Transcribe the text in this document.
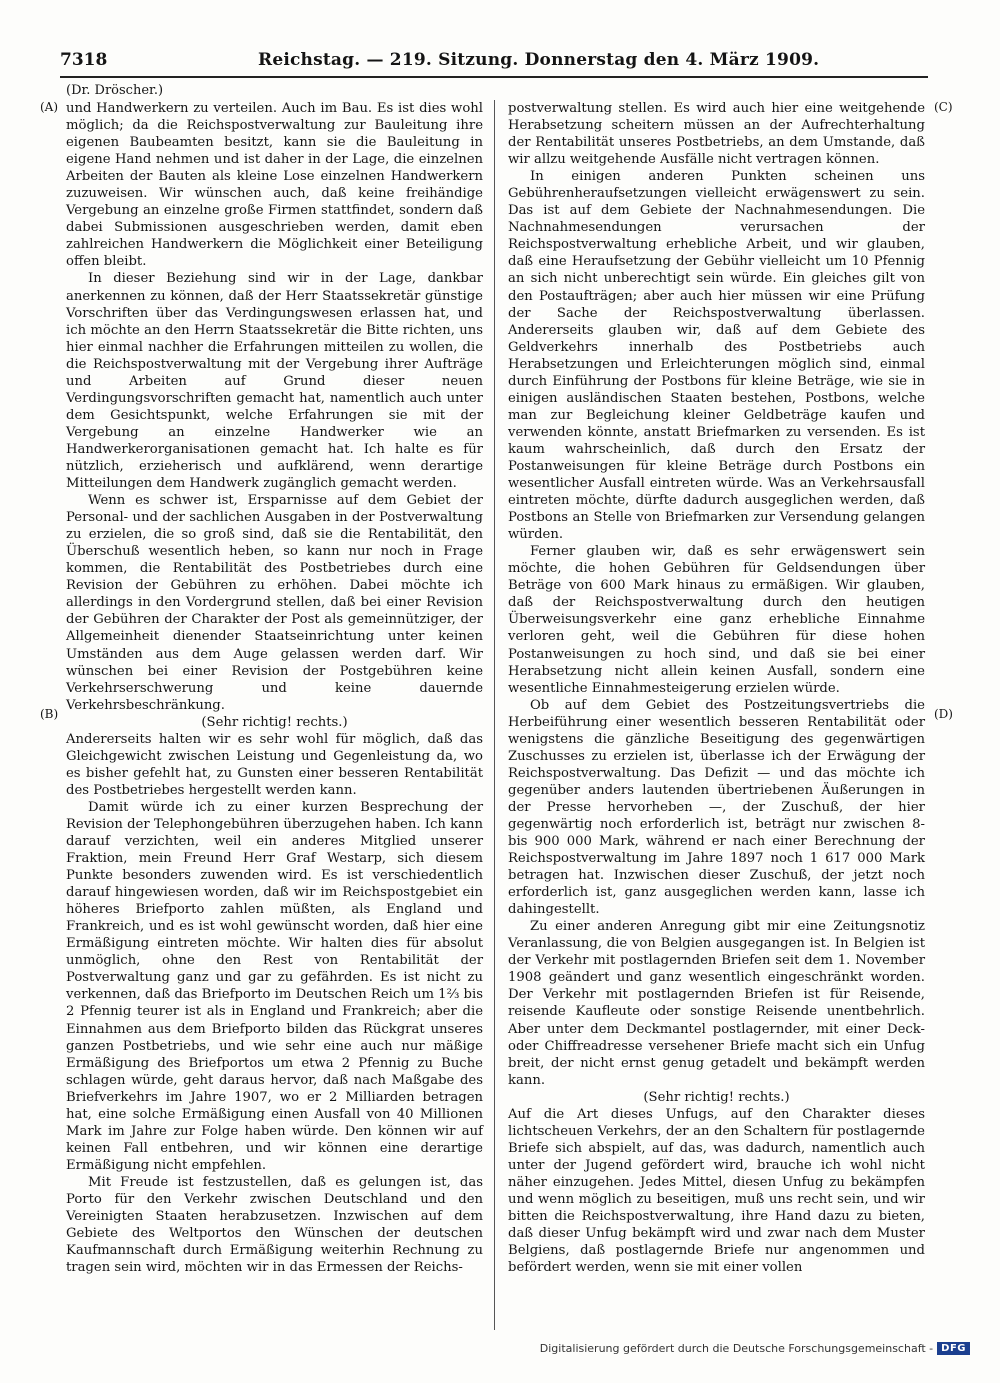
7318	Reichstag. — 219. Sitzung. Donnerstag den 4. März 1909.
(Dr. Dröscher.)
(A)
(B)
(C)
(D)

und Handwerkern zu verteilen. Auch im Bau. Es ist dies wohl möglich; da die Reichspostverwaltung zur Bauleitung ihre eigenen Baubeamten besitzt, kann sie die Bauleitung in eigene Hand nehmen und ist daher in der Lage, die einzelnen Arbeiten der Bauten als kleine Lose einzelnen Handwerkern zuzuweisen. Wir wünschen auch, daß keine freihändige Vergebung an einzelne große Firmen stattfindet, sondern daß dabei Submissionen ausgeschrieben werden, damit eben zahlreichen Handwerkern die Möglichkeit einer Beteiligung offen bleibt.

In dieser Beziehung sind wir in der Lage, dankbar anerkennen zu können, daß der Herr Staatssekretär günstige Vorschriften über das Verdingungswesen erlassen hat, und ich möchte an den Herrn Staatssekretär die Bitte richten, uns hier einmal nachher die Erfahrungen mitteilen zu wollen, die die Reichspostverwaltung mit der Vergebung ihrer Aufträge und Arbeiten auf Grund dieser neuen Verdingungsvorschriften gemacht hat, namentlich auch unter dem Gesichtspunkt, welche Erfahrungen sie mit der Vergebung an einzelne Handwerker wie an Handwerkerorganisationen gemacht hat. Ich halte es für nützlich, erzieherisch und aufklärend, wenn derartige Mitteilungen dem Handwerk zugänglich gemacht werden.

Wenn es schwer ist, Ersparnisse auf dem Gebiet der Personal- und der sachlichen Ausgaben in der Postverwaltung zu erzielen, die so groß sind, daß sie die Rentabilität, den Überschuß wesentlich heben, so kann nur noch in Frage kommen, die Rentabilität des Postbetriebes durch eine Revision der Gebühren zu erhöhen. Dabei möchte ich allerdings in den Vordergrund stellen, daß bei einer Revision der Gebühren der Charakter der Post als gemeinnütziger, der Allgemeinheit dienender Staatseinrichtung unter keinen Umständen aus dem Auge gelassen werden darf. Wir wünschen bei einer Revision der Postgebühren keine Verkehrserschwerung und keine dauernde Verkehrsbeschränkung.

(Sehr richtig! rechts.)

Andererseits halten wir es sehr wohl für möglich, daß das Gleichgewicht zwischen Leistung und Gegenleistung da, wo es bisher gefehlt hat, zu Gunsten einer besseren Rentabilität des Postbetriebes hergestellt werden kann.

Damit würde ich zu einer kurzen Besprechung der Revision der Telephongebühren überzugehen haben. Ich kann darauf verzichten, weil ein anderes Mitglied unserer Fraktion, mein Freund Herr Graf Westarp, sich diesem Punkte besonders zuwenden wird. Es ist verschiedentlich darauf hingewiesen worden, daß wir im Reichspostgebiet ein höheres Briefporto zahlen müßten, als England und Frankreich, und es ist wohl gewünscht worden, daß hier eine Ermäßigung eintreten möchte. Wir halten dies für absolut unmöglich, ohne den Rest von Rentabilität der Postverwaltung ganz und gar zu gefährden. Es ist nicht zu verkennen, daß das Briefporto im Deutschen Reich um 1⅔ bis 2 Pfennig teurer ist als in England und Frankreich; aber die Einnahmen aus dem Briefporto bilden das Rückgrat unseres ganzen Postbetriebs, und wie sehr eine auch nur mäßige Ermäßigung des Briefportos um etwa 2 Pfennig zu Buche schlagen würde, geht daraus hervor, daß nach Maßgabe des Briefverkehrs im Jahre 1907, wo er 2 Milliarden betragen hat, eine solche Ermäßigung einen Ausfall von 40 Millionen Mark im Jahre zur Folge haben würde. Den können wir auf keinen Fall entbehren, und wir können eine derartige Ermäßigung nicht empfehlen.

Mit Freude ist festzustellen, daß es gelungen ist, das Porto für den Verkehr zwischen Deutschland und den Vereinigten Staaten herabzusetzen. Inzwischen auf dem Gebiete des Weltportos den Wünschen der deutschen Kaufmannschaft durch Ermäßigung weiterhin Rechnung zu tragen sein wird, möchten wir in das Ermessen der Reichs-

postverwaltung stellen. Es wird auch hier eine weitgehende Herabsetzung scheitern müssen an der Aufrechterhaltung der Rentabilität unseres Postbetriebs, an dem Umstande, daß wir allzu weitgehende Ausfälle nicht vertragen können.

In einigen anderen Punkten scheinen uns Gebührenheraufsetzungen vielleicht erwägenswert zu sein. Das ist auf dem Gebiete der Nachnahmesendungen. Die Nachnahmesendungen verursachen der Reichspostverwaltung erhebliche Arbeit, und wir glauben, daß eine Heraufsetzung der Gebühr vielleicht um 10 Pfennig an sich nicht unberechtigt sein würde. Ein gleiches gilt von den Postaufträgen; aber auch hier müssen wir eine Prüfung der Sache der Reichspostverwaltung überlassen. Andererseits glauben wir, daß auf dem Gebiete des Geldverkehrs innerhalb des Postbetriebs auch Herabsetzungen und Erleichterungen möglich sind, einmal durch Einführung der Postbons für kleine Beträge, wie sie in einigen ausländischen Staaten bestehen, Postbons, welche man zur Begleichung kleiner Geldbeträge kaufen und verwenden könnte, anstatt Briefmarken zu versenden. Es ist kaum wahrscheinlich, daß durch den Ersatz der Postanweisungen für kleine Beträge durch Postbons ein wesentlicher Ausfall eintreten würde. Was an Verkehrsausfall eintreten möchte, dürfte dadurch ausgeglichen werden, daß Postbons an Stelle von Briefmarken zur Versendung gelangen würden.

Ferner glauben wir, daß es sehr erwägenswert sein möchte, die hohen Gebühren für Geldsendungen über Beträge von 600 Mark hinaus zu ermäßigen. Wir glauben, daß der Reichspostverwaltung durch den heutigen Überweisungsverkehr eine ganz erhebliche Einnahme verloren geht, weil die Gebühren für diese hohen Postanweisungen zu hoch sind, und daß sie bei einer Herabsetzung nicht allein keinen Ausfall, sondern eine wesentliche Einnahmesteigerung erzielen würde.

Ob auf dem Gebiet des Postzeitungsvertriebs die Herbeiführung einer wesentlich besseren Rentabilität oder wenigstens die gänzliche Beseitigung des gegenwärtigen Zuschusses zu erzielen ist, überlasse ich der Erwägung der Reichspostverwaltung. Das Defizit — und das möchte ich gegenüber anders lautenden übertriebenen Äußerungen in der Presse hervorheben —, der Zuschuß, der hier gegenwärtig noch erforderlich ist, beträgt nur zwischen 8- bis 900 000 Mark, während er nach einer Berechnung der Reichspostverwaltung im Jahre 1897 noch 1 617 000 Mark betragen hat. Inzwischen dieser Zuschuß, der jetzt noch erforderlich ist, ganz ausgeglichen werden kann, lasse ich dahingestellt.

Zu einer anderen Anregung gibt mir eine Zeitungsnotiz Veranlassung, die von Belgien ausgegangen ist. In Belgien ist der Verkehr mit postlagernden Briefen seit dem 1. November 1908 geändert und ganz wesentlich eingeschränkt worden. Der Verkehr mit postlagernden Briefen ist für Reisende, reisende Kaufleute oder sonstige Reisende unentbehrlich. Aber unter dem Deckmantel postlagernder, mit einer Deck- oder Chiffreadresse versehener Briefe macht sich ein Unfug breit, der nicht ernst genug getadelt und bekämpft werden kann.

(Sehr richtig! rechts.)

Auf die Art dieses Unfugs, auf den Charakter dieses lichtscheuen Verkehrs, der an den Schaltern für postlagernde Briefe sich abspielt, auf das, was dadurch, namentlich auch unter der Jugend gefördert wird, brauche ich wohl nicht näher einzugehen. Jedes Mittel, diesen Unfug zu bekämpfen und wenn möglich zu beseitigen, muß uns recht sein, und wir bitten die Reichspostverwaltung, ihre Hand dazu zu bieten, daß dieser Unfug bekämpft wird und zwar nach dem Muster Belgiens, daß postlagernde Briefe nur angenommen und befördert werden, wenn sie mit einer vollen

Digitalisierung gefördert durch die Deutsche Forschungsgemeinschaft - DFG
